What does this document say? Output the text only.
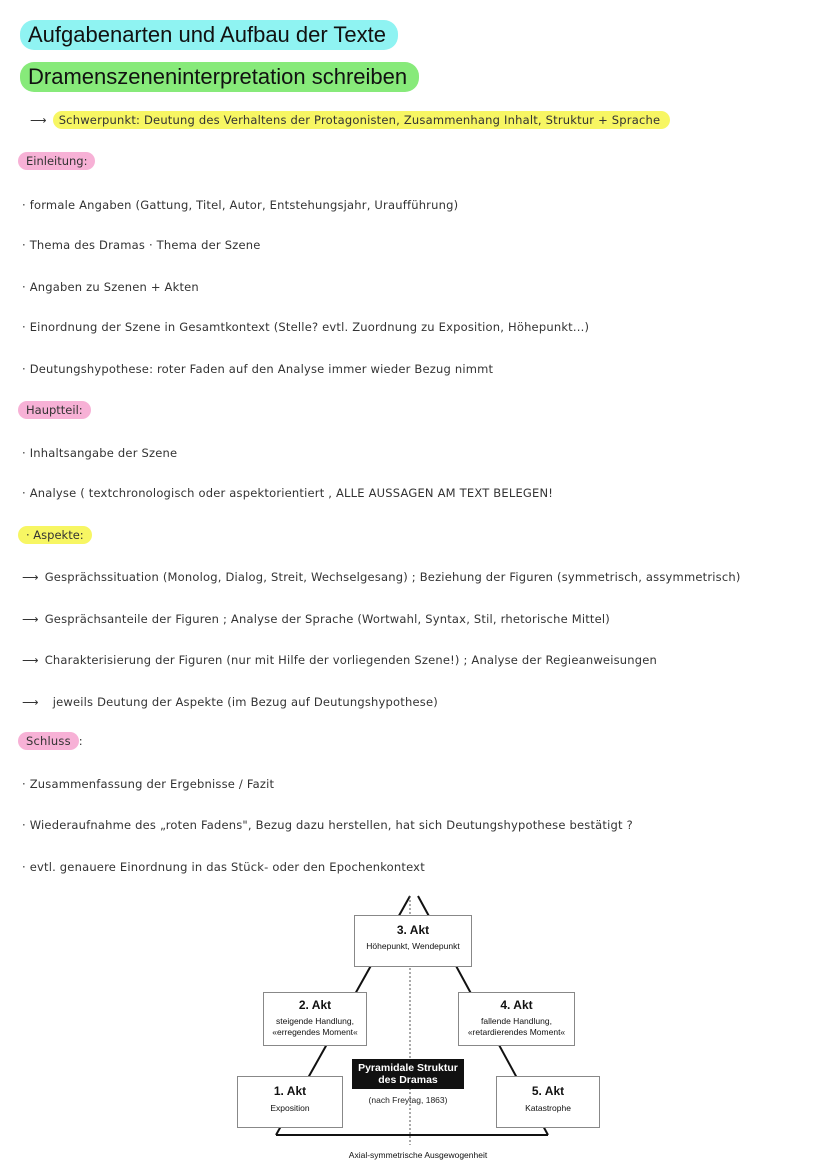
Aufgabenarten und Aufbau der Texte
Dramenszeneninterpretation schreiben
⟶ Schwerpunkt: Deutung des Verhaltens der Protagonisten, Zusammenhang Inhalt, Struktur + Sprache
Einleitung:
· formale Angaben (Gattung, Titel, Autor, Entstehungsjahr, Uraufführung)
· Thema des Dramas · Thema der Szene
· Angaben zu Szenen + Akten
· Einordnung der Szene in Gesamtkontext (Stelle? evtl. Zuordnung zu Exposition, Höhepunkt...)
· Deutungshypothese: roter Faden auf den Analyse immer wieder Bezug nimmt
Hauptteil:
· Inhaltsangabe der Szene
· Analyse ( textchronologisch oder aspektorientiert , ALLE AUSSAGEN AM TEXT BELEGEN!
· Aspekte:
⟶ Gesprächssituation (Monolog, Dialog, Streit, Wechselgesang) ; Beziehung der Figuren (symmetrisch, assymmetrisch)
⟶ Gesprächsanteile der Figuren ; Analyse der Sprache (Wortwahl, Syntax, Stil, rhetorische Mittel)
⟶ Charakterisierung der Figuren (nur mit Hilfe der vorliegenden Szene!) ; Analyse der Regieanweisungen
⟶ jeweils Deutung der Aspekte (im Bezug auf Deutungshypothese)
Schluss :
· Zusammenfassung der Ergebnisse / Fazit
· Wiederaufnahme des „roten Fadens", Bezug dazu herstellen, hat sich Deutungshypothese bestätigt ?
· evtl. genauere Einordnung in das Stück- oder den Epochenkontext
3. Akt
Höhepunkt, Wendepunkt
2. Akt
steigende Handlung,
«erregendes Moment«
4. Akt
fallende Handlung,
«retardierendes Moment«
1. Akt
Exposition
5. Akt
Katastrophe
Pyramidale Struktur
des Dramas
(nach Freytag, 1863)
Axial-symmetrische Ausgewogenheit
